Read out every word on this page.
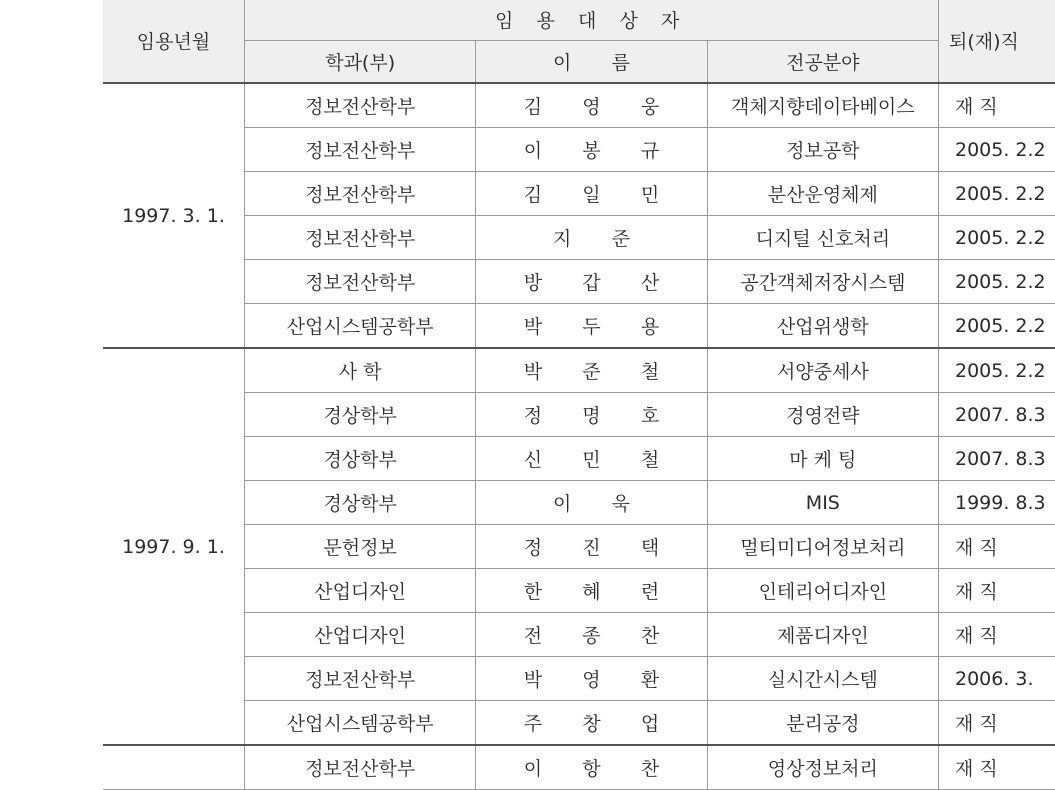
임용년월	임 용 대 상 자			퇴(재)직
	학과(부)	이 름	전공분야	
1997. 3. 1.	정보전산학부	김 영 웅	객체지향데이타베이스	재 직
	정보전산학부	이 봉 규	정보공학	2005. 2.2
	정보전산학부	김 일 민	분산운영체제	2005. 2.2
	정보전산학부	지 준	디지털 신호처리	2005. 2.2
	정보전산학부	방 갑 산	공간객체저장시스템	2005. 2.2
	산업시스템공학부	박 두 용	산업위생학	2005. 2.2
1997. 9. 1.	사 학	박 준 철	서양중세사	2005. 2.2
	경상학부	정 명 호	경영전략	2007. 8.3
	경상학부	신 민 철	마 케 팅	2007. 8.3
	경상학부	이 욱	MIS	1999. 8.3
	문헌정보	정 진 택	멀티미디어정보처리	재 직
	산업디자인	한 혜 련	인테리어디자인	재 직
	산업디자인	전 종 찬	제품디자인	재 직
	정보전산학부	박 영 환	실시간시스템	2006. 3.
	산업시스템공학부	주 창 업	분리공정	재 직
	정보전산학부	이 항 찬	영상정보처리	재 직
